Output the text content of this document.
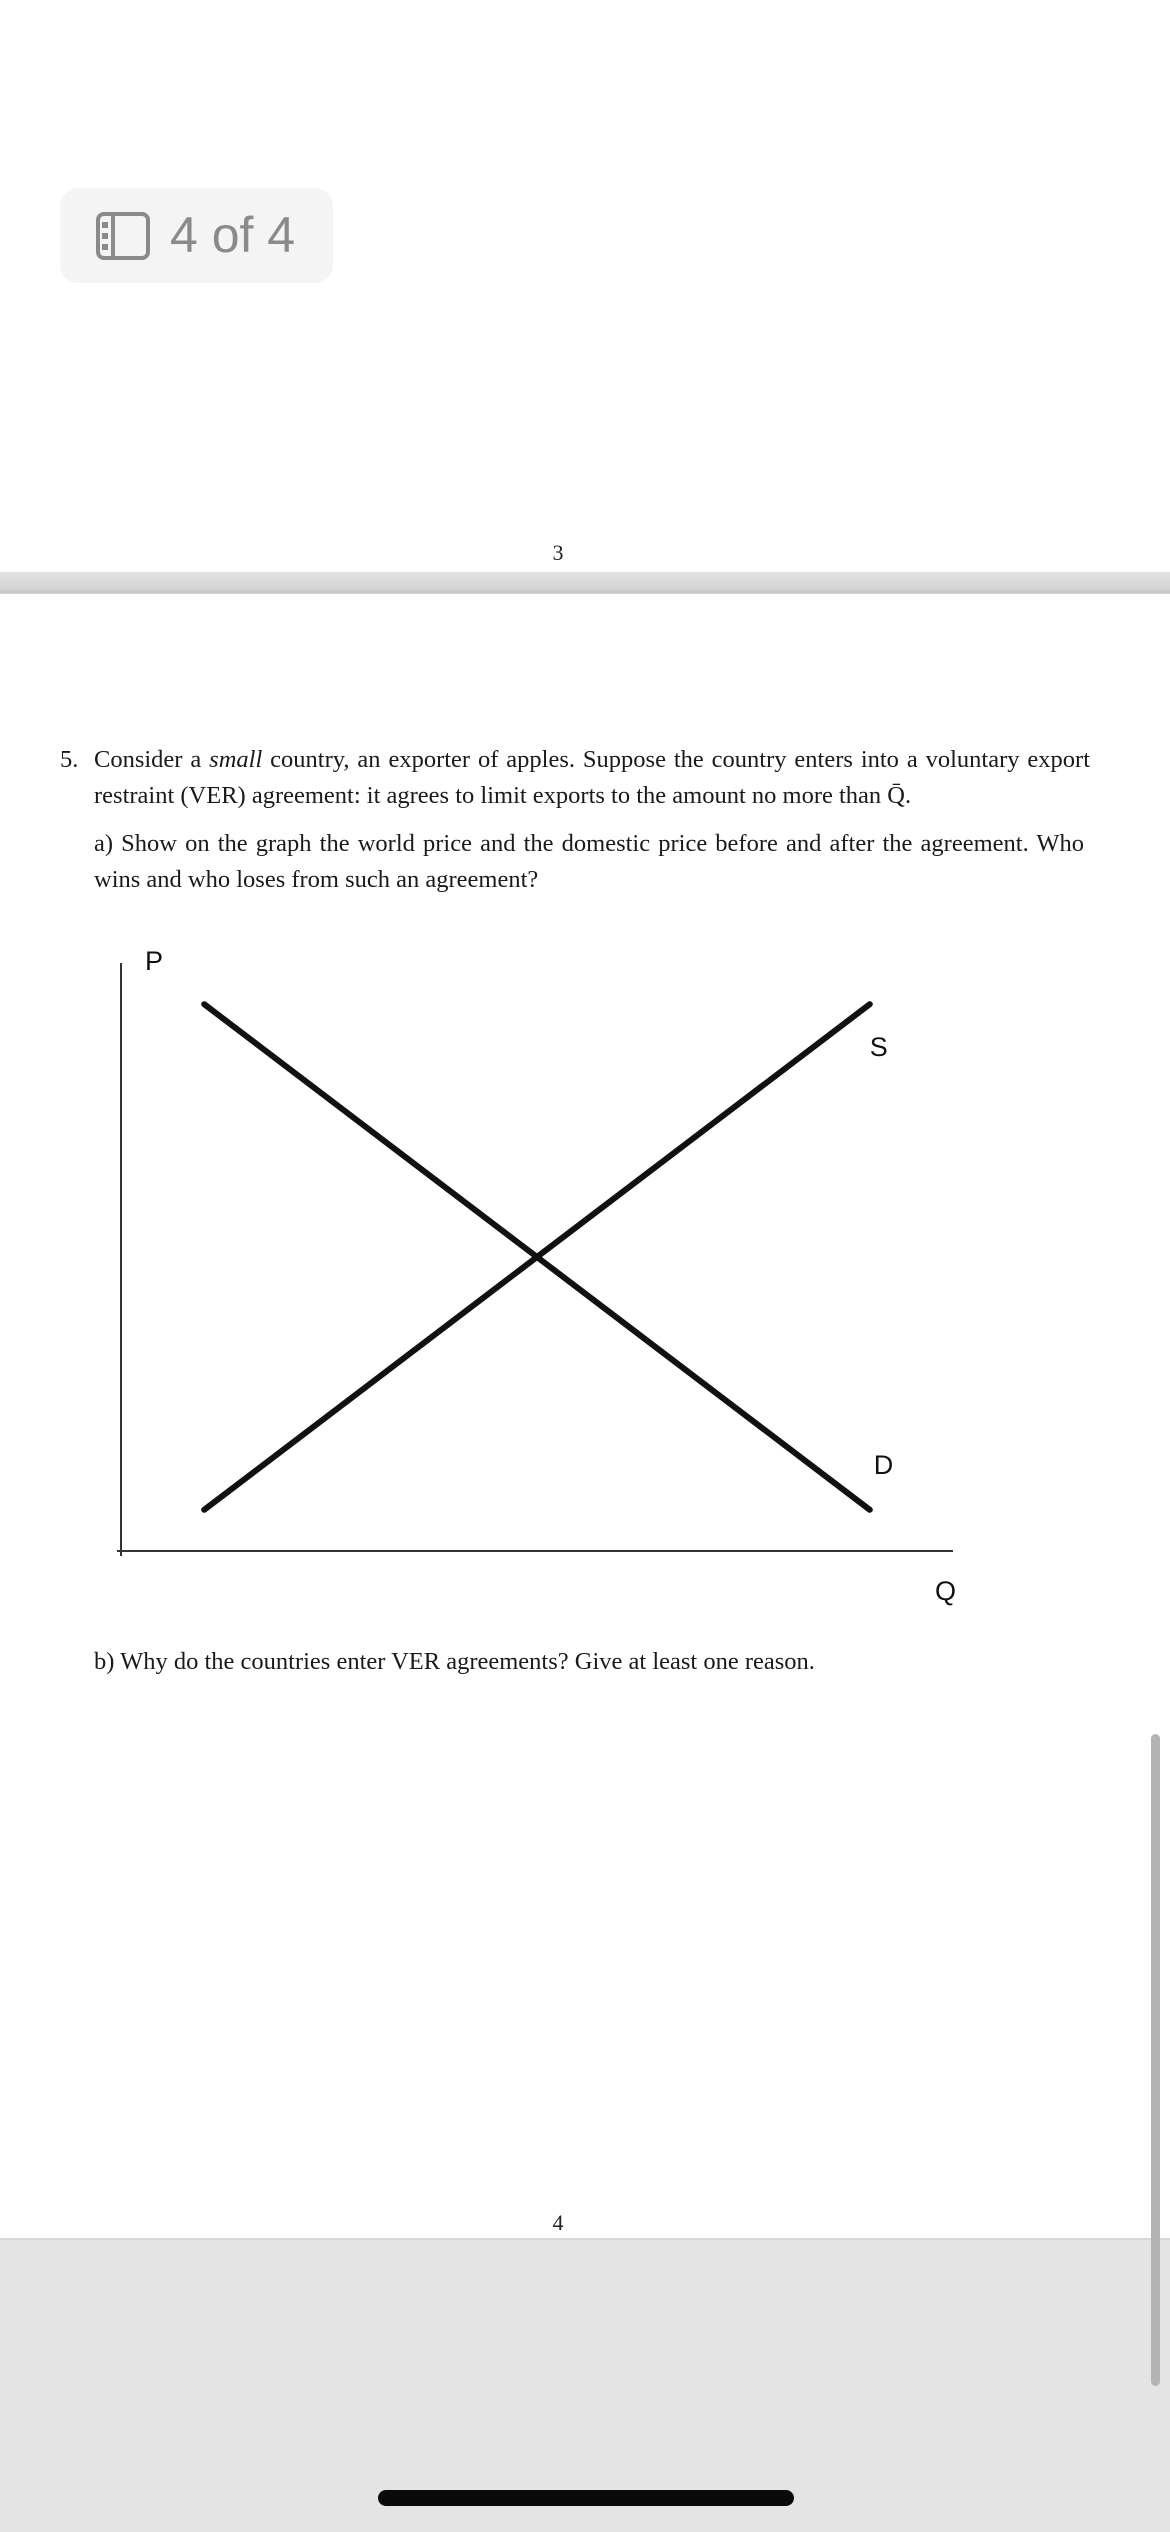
4 of 4
3
5. Consider a small country, an exporter of apples. Suppose the country enters into a voluntary export restraint (VER) agreement: it agrees to limit exports to the amount no more than Q̄.
a) Show on the graph the world price and the domestic price before and after the agreement. Who wins and who loses from such an agreement?
P
Q
S
D
b) Why do the countries enter VER agreements? Give at least one reason.
4
